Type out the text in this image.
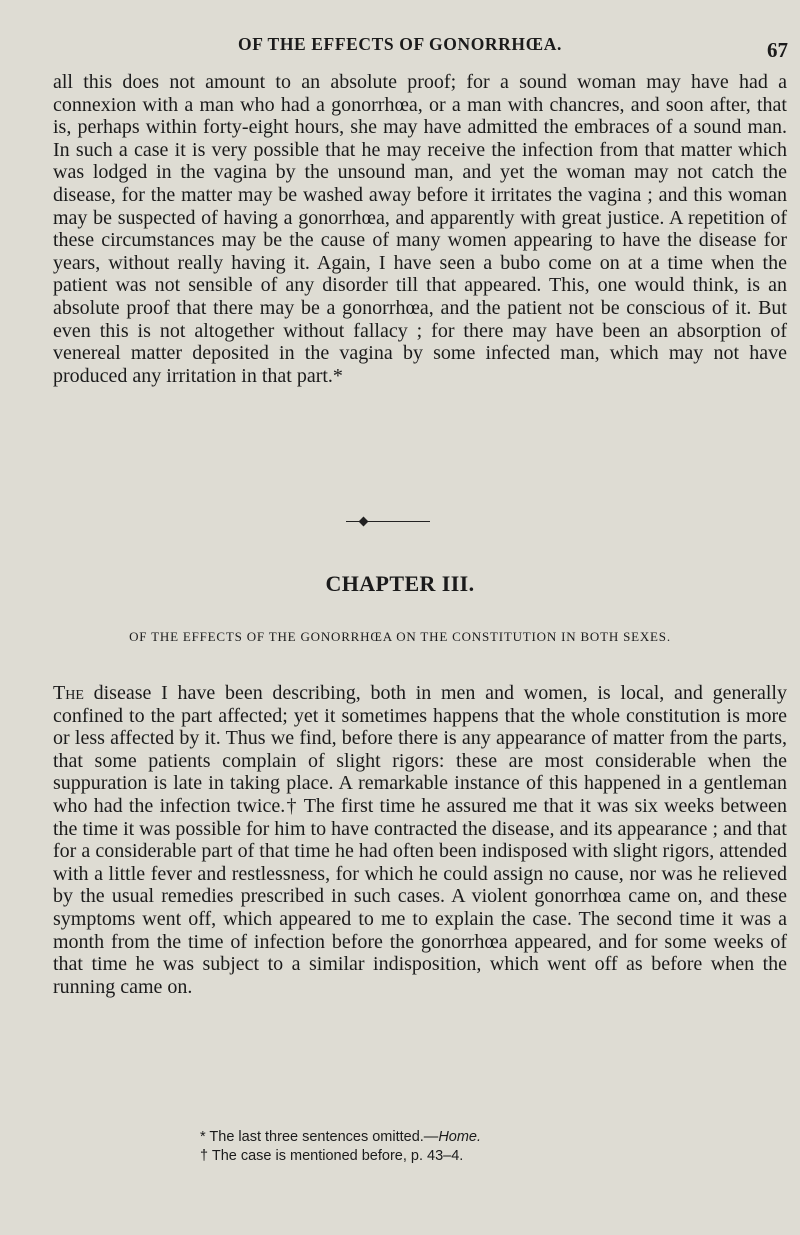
OF THE EFFECTS OF GONORRHŒA.	67

all this does not amount to an absolute proof; for a sound woman may have had a connexion with a man who had a gonorrhœa, or a man with chancres, and soon after, that is, perhaps within forty-eight hours, she may have admitted the embraces of a sound man. In such a case it is very possible that he may receive the infection from that matter which was lodged in the vagina by the unsound man, and yet the woman may not catch the disease, for the matter may be washed away before it irritates the vagina ; and this woman may be suspected of having a gonorrhœa, and apparently with great justice. A repetition of these circumstances may be the cause of many women appearing to have the disease for years, without really having it. Again, I have seen a bubo come on at a time when the patient was not sensible of any disorder till that appeared. This, one would think, is an absolute proof that there may be a gonorrhœa, and the patient not be conscious of it. But even this is not altogether without fallacy ; for there may have been an absorption of venereal matter deposited in the vagina by some infected man, which may not have produced any irritation in that part.*

CHAPTER III.

OF THE EFFECTS OF THE GONORRHŒA ON THE CONSTITUTION IN BOTH SEXES.

The disease I have been describing, both in men and women, is local, and generally confined to the part affected; yet it sometimes happens that the whole constitution is more or less affected by it. Thus we find, before there is any appearance of matter from the parts, that some patients complain of slight rigors: these are most considerable when the suppuration is late in taking place. A remarkable instance of this happened in a gentleman who had the infection twice.† The first time he assured me that it was six weeks between the time it was possible for him to have contracted the disease, and its appearance ; and that for a considerable part of that time he had often been indisposed with slight rigors, attended with a little fever and restlessness, for which he could assign no cause, nor was he relieved by the usual remedies prescribed in such cases. A violent gonorrhœa came on, and these symptoms went off, which appeared to me to explain the case. The second time it was a month from the time of infection before the gonorrhœa appeared, and for some weeks of that time he was subject to a similar indisposition, which went off as before when the running came on.

* The last three sentences omitted.—Home.

† The case is mentioned before, p. 43–4.
